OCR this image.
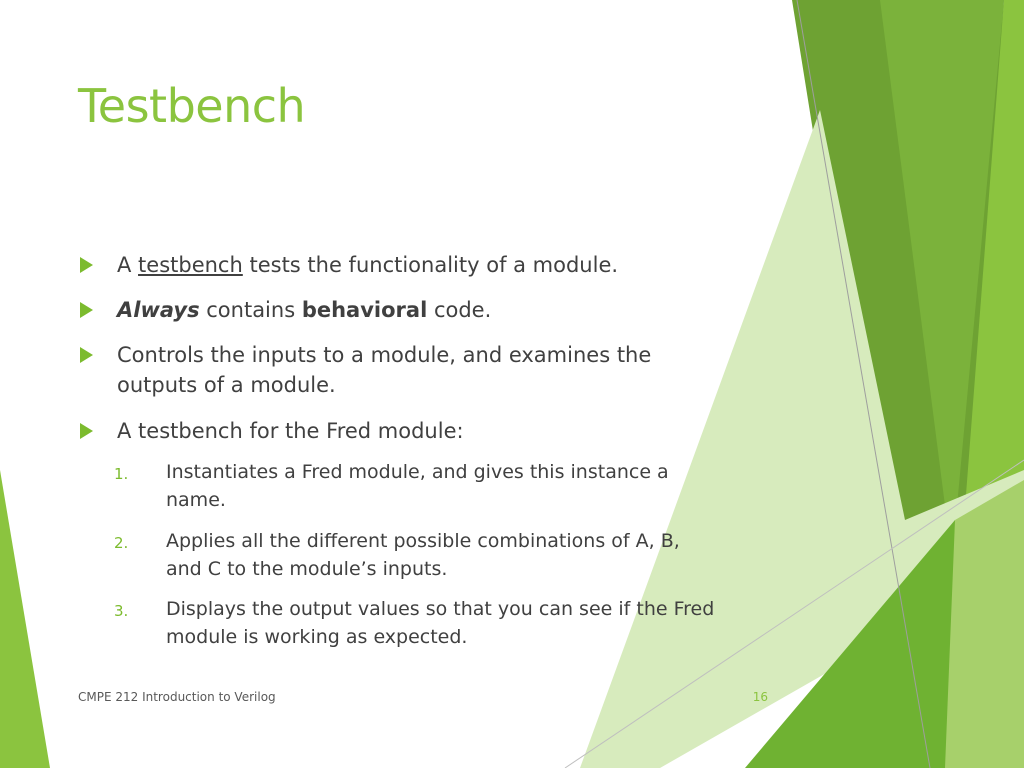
Testbench
A testbench tests the functionality of a module.
Always contains behavioral code.
Controls the inputs to a module, and examines the
outputs of a module.
A testbench for the Fred module:
1. Instantiates a Fred module, and gives this instance a
name.
2. Applies all the different possible combinations of A, B,
and C to the module’s inputs.
3. Displays the output values so that you can see if the Fred
module is working as expected.
CMPE 212 Introduction to Verilog	16
